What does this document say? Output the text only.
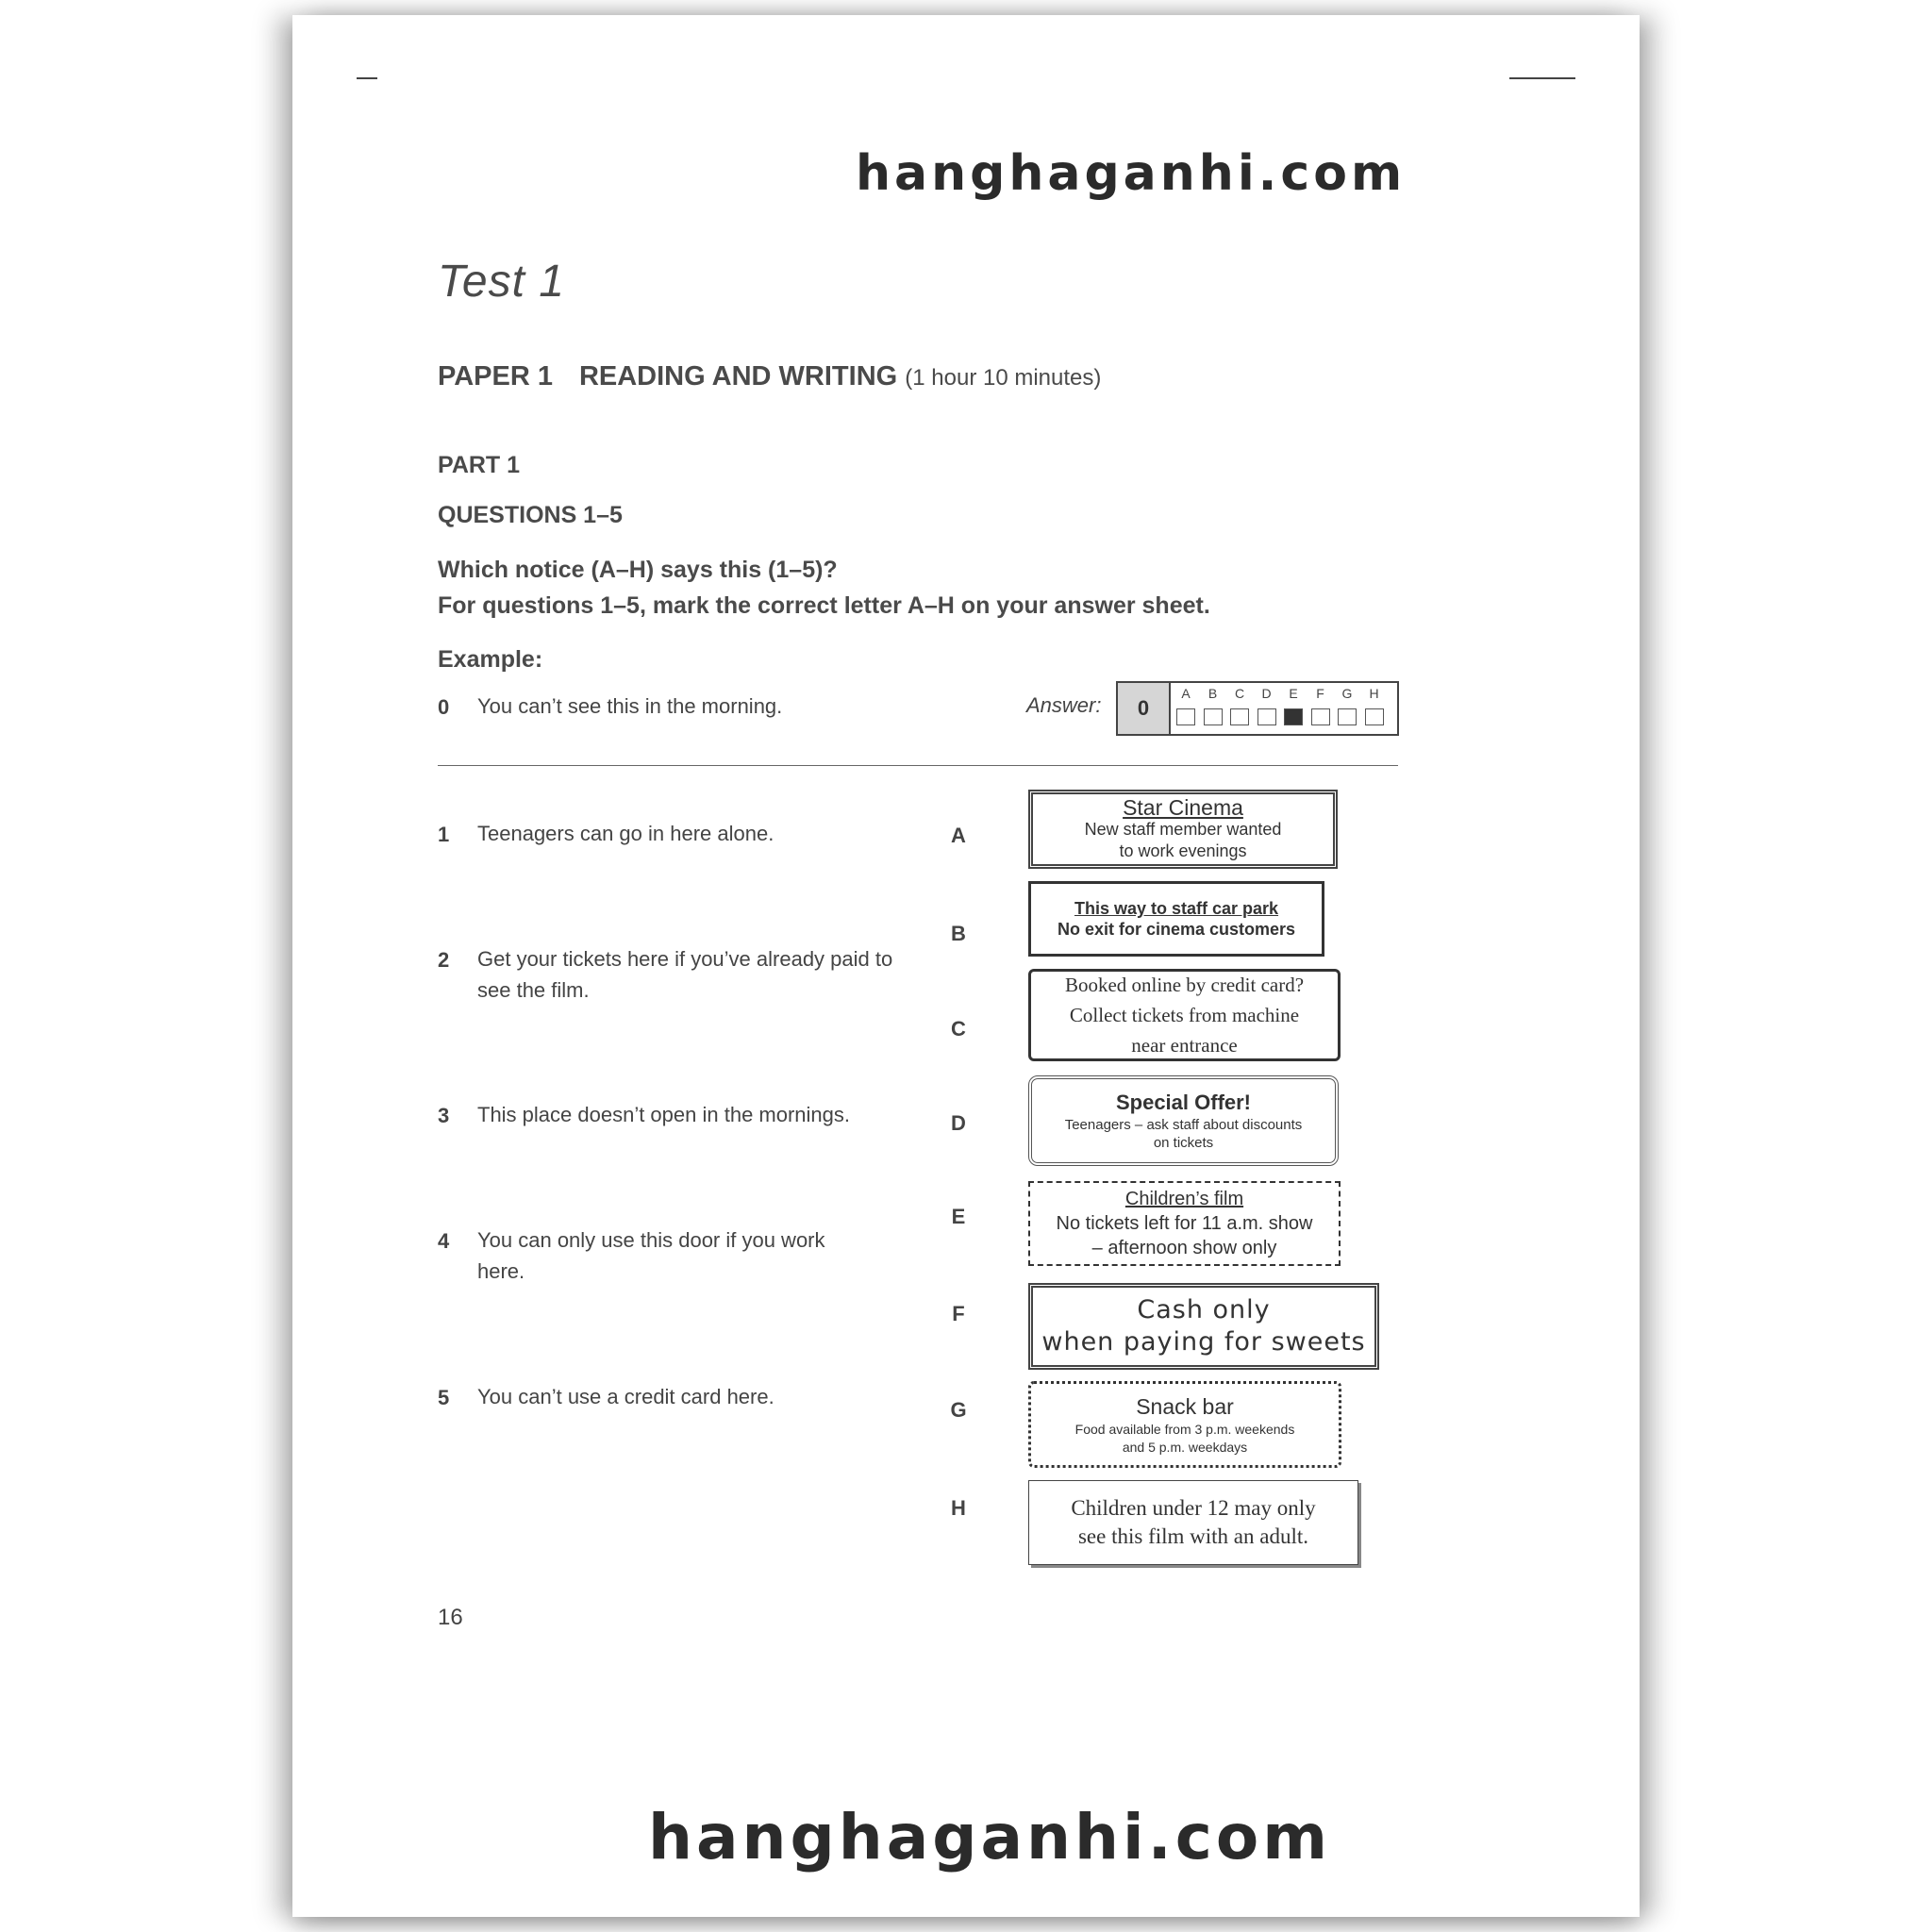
hanghaganhi.com
Test 1
PAPER 1 READING AND WRITING (1 hour 10 minutes)
PART 1
QUESTIONS 1–5
Which notice (A–H) says this (1–5)?
For questions 1–5, mark the correct letter A–H on your answer sheet.
Example:
0 You can’t see this in the morning.	Answer:	0
A	B	C	D	E	F	G	H
1 Teenagers can go in here alone.
2 Get your tickets here if you’ve already paid to see the film.
3 This place doesn’t open in the mornings.
4 You can only use this door if you work here.
5 You can’t use a credit card here.
A
B
C
D
E
F
G
H
Star Cinema
New staff member wanted
to work evenings
This way to staff car park
No exit for cinema customers
Booked online by credit card?
Collect tickets from machine
near entrance
Special Offer!
Teenagers – ask staff about discounts
on tickets
Children’s film
No tickets left for 11 a.m. show
– afternoon show only
Cash only
when paying for sweets
Snack bar
Food available from 3 p.m. weekends
and 5 p.m. weekdays
Children under 12 may only
see this film with an adult.
16
hanghaganhi.com
